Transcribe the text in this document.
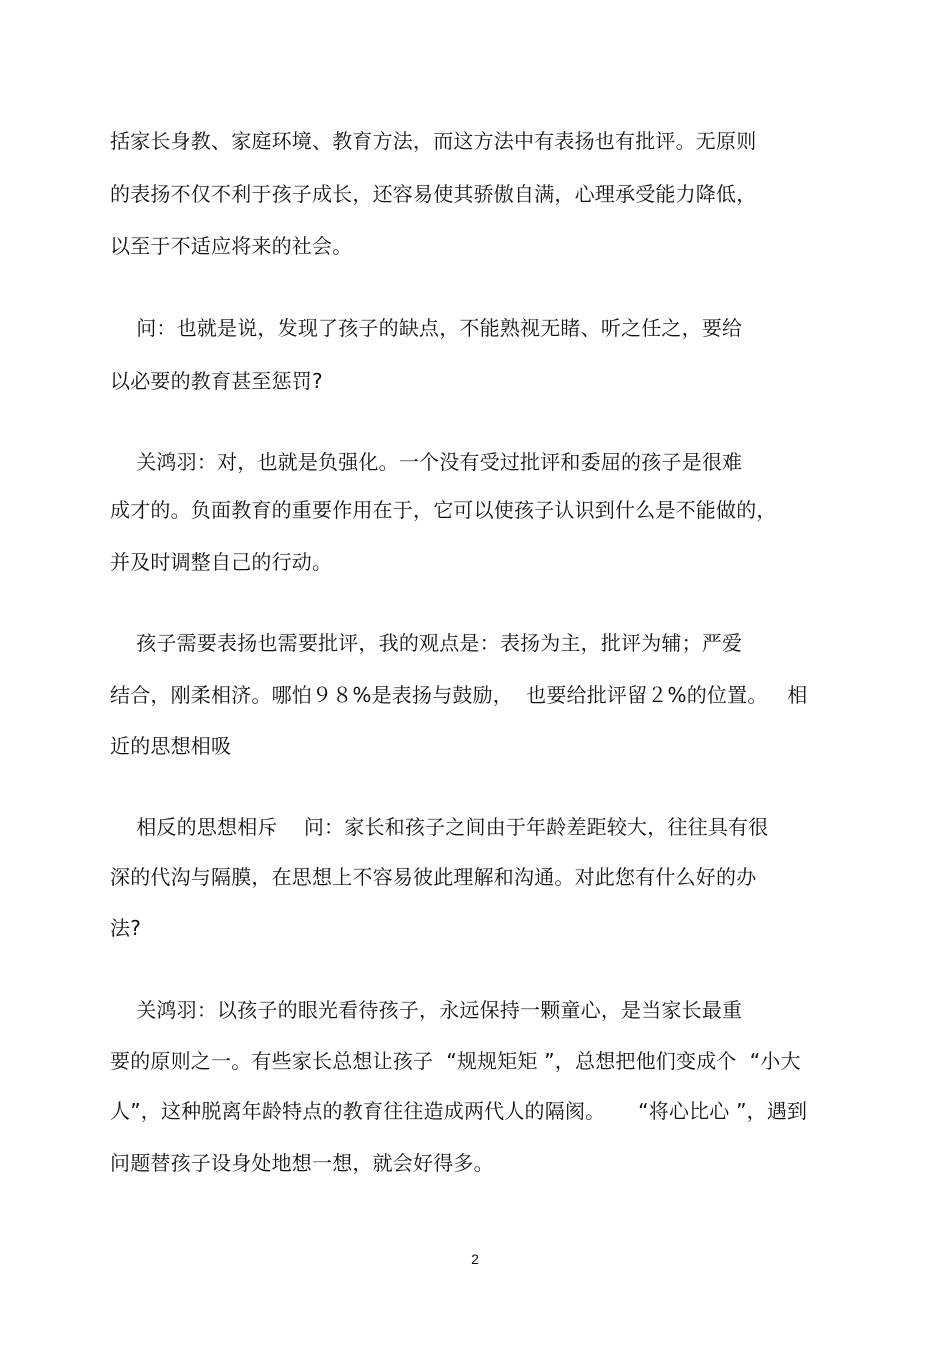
括家长身教、家庭环境、教育方法，而这方法中有表扬也有批评。无原则
的表扬不仅不利于孩子成长，还容易使其骄傲自满，心理承受能力降低，
以至于不适应将来的社会。
问：也就是说，发现了孩子的缺点，不能熟视无睹、听之任之，要给
以必要的教育甚至惩罚?
关鸿羽：对，也就是负强化。一个没有受过批评和委屈的孩子是很难
成才的。负面教育的重要作用在于，它可以使孩子认识到什么是不能做的，
并及时调整自己的行动。
孩子需要表扬也需要批评，我的观点是：表扬为主，批评为辅；严爱
结合，刚柔相济。哪怕９８%是表扬与鼓励，  也要给批评留２%的位置。   相
近的思想相吸
相反的思想相斥    问：家长和孩子之间由于年龄差距较大，往往具有很
深的代沟与隔膜，在思想上不容易彼此理解和沟通。对此您有什么好的办
法?
关鸿羽：以孩子的眼光看待孩子，永远保持一颗童心，是当家长最重
要的原则之一。有些家长总想让孩子  “规规矩矩 ”，总想把他们变成个  “小大
人”，这种脱离年龄特点的教育往往造成两代人的隔阂。     “将心比心 ”，遇到
问题替孩子设身处地想一想，就会好得多。
2
